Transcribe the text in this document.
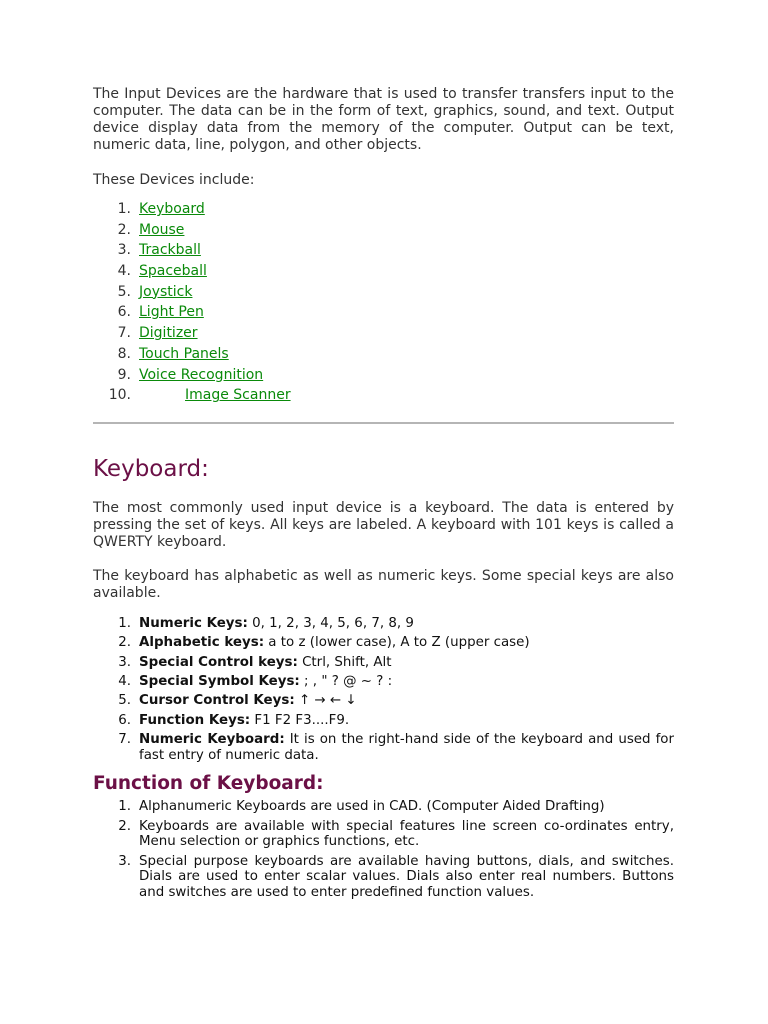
The Input Devices are the hardware that is used to transfer transfers input to the computer. The data can be in the form of text, graphics, sound, and text. Output device display data from the memory of the computer. Output can be text, numeric data, line, polygon, and other objects.

These Devices include:

1. Keyboard
2. Mouse
3. Trackball
4. Spaceball
5. Joystick
6. Light Pen
7. Digitizer
8. Touch Panels
9. Voice Recognition
10.	Image Scanner
Keyboard:

The most commonly used input device is a keyboard. The data is entered by pressing the set of keys. All keys are labeled. A keyboard with 101 keys is called a QWERTY keyboard.

The keyboard has alphabetic as well as numeric keys. Some special keys are also available.

1. Numeric Keys: 0, 1, 2, 3, 4, 5, 6, 7, 8, 9
2. Alphabetic keys: a to z (lower case), A to Z (upper case)
3. Special Control keys: Ctrl, Shift, Alt
4. Special Symbol Keys: ; , " ? @ ~ ? :
5. Cursor Control Keys: ↑ → ← ↓
6. Function Keys: F1 F2 F3....F9.
7. Numeric Keyboard: It is on the right-hand side of the keyboard and used for fast entry of numeric data.
Function of Keyboard:
1. Alphanumeric Keyboards are used in CAD. (Computer Aided Drafting)
2. Keyboards are available with special features line screen co-ordinates entry, Menu selection or graphics functions, etc.
3. Special purpose keyboards are available having buttons, dials, and switches. Dials are used to enter scalar values. Dials also enter real numbers. Buttons and switches are used to enter predefined function values.
